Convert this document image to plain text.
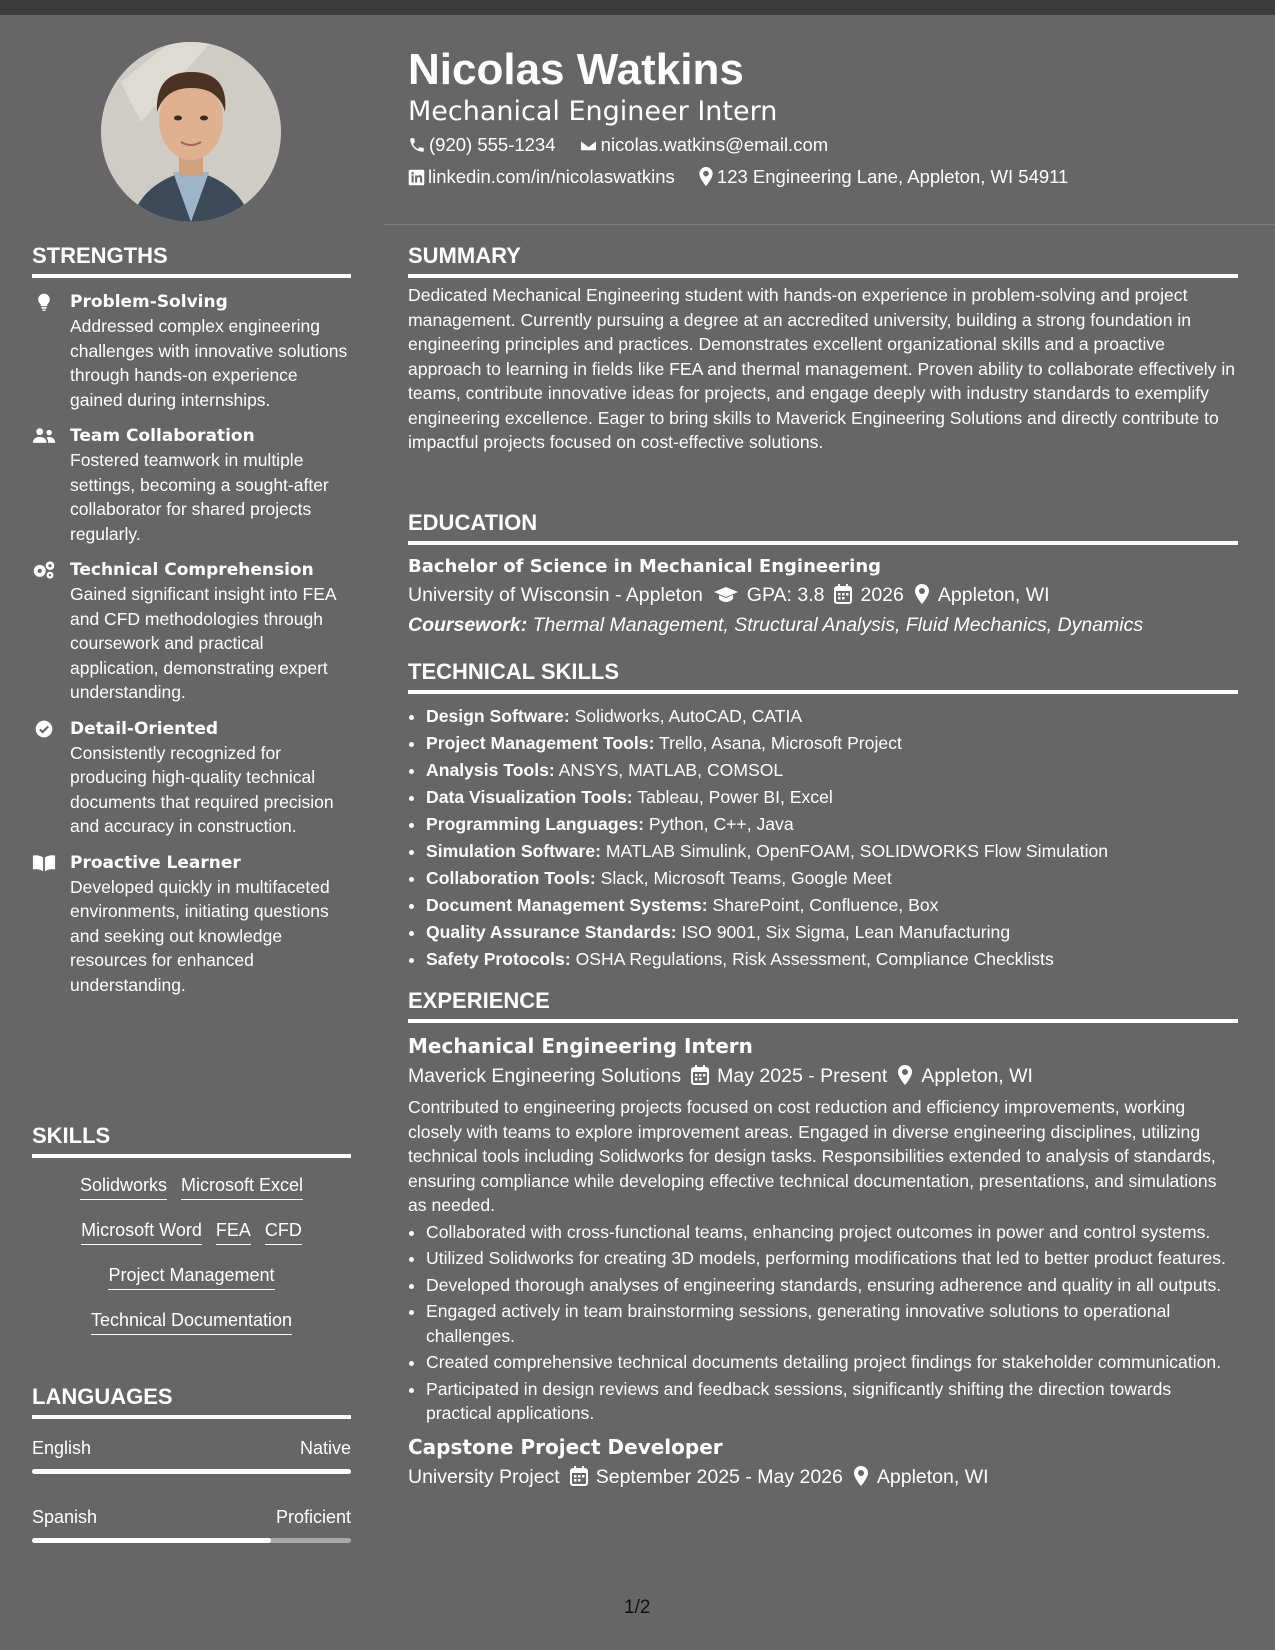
Nicolas Watkins
Mechanical Engineer Intern
(920) 555-1234 nicolas.watkins@email.com
linkedin.com/in/nicolaswatkins 123 Engineering Lane, Appleton, WI 54911
STRENGTHS
Problem-Solving
Addressed complex engineering challenges with innovative solutions through hands-on experience gained during internships.
Team Collaboration
Fostered teamwork in multiple settings, becoming a sought-after collaborator for shared projects regularly.
Technical Comprehension
Gained significant insight into FEA and CFD methodologies through coursework and practical application, demonstrating expert understanding.
Detail-Oriented
Consistently recognized for producing high-quality technical documents that required precision and accuracy in construction.
Proactive Learner
Developed quickly in multifaceted environments, initiating questions and seeking out knowledge resources for enhanced understanding.
SKILLS
Solidworks Microsoft Excel
Microsoft Word FEA CFD
Project Management
Technical Documentation
LANGUAGES
English	Native
Spanish	Proficient
SUMMARY
Dedicated Mechanical Engineering student with hands-on experience in problem-solving and project management. Currently pursuing a degree at an accredited university, building a strong foundation in engineering principles and practices. Demonstrates excellent organizational skills and a proactive approach to learning in fields like FEA and thermal management. Proven ability to collaborate effectively in teams, contribute innovative ideas for projects, and engage deeply with industry standards to exemplify engineering excellence. Eager to bring skills to Maverick Engineering Solutions and directly contribute to impactful projects focused on cost-effective solutions.
EDUCATION
Bachelor of Science in Mechanical Engineering
University of Wisconsin - Appleton GPA: 3.8 2026 Appleton, WI
Coursework: Thermal Management, Structural Analysis, Fluid Mechanics, Dynamics
TECHNICAL SKILLS
• Design Software: Solidworks, AutoCAD, CATIA
• Project Management Tools: Trello, Asana, Microsoft Project
• Analysis Tools: ANSYS, MATLAB, COMSOL
• Data Visualization Tools: Tableau, Power BI, Excel
• Programming Languages: Python, C++, Java
• Simulation Software: MATLAB Simulink, OpenFOAM, SOLIDWORKS Flow Simulation
• Collaboration Tools: Slack, Microsoft Teams, Google Meet
• Document Management Systems: SharePoint, Confluence, Box
• Quality Assurance Standards: ISO 9001, Six Sigma, Lean Manufacturing
• Safety Protocols: OSHA Regulations, Risk Assessment, Compliance Checklists
EXPERIENCE
Mechanical Engineering Intern
Maverick Engineering Solutions May 2025 - Present Appleton, WI
Contributed to engineering projects focused on cost reduction and efficiency improvements, working closely with teams to explore improvement areas. Engaged in diverse engineering disciplines, utilizing technical tools including Solidworks for design tasks. Responsibilities extended to analysis of standards, ensuring compliance while developing effective technical documentation, presentations, and simulations as needed.
• Collaborated with cross-functional teams, enhancing project outcomes in power and control systems.
• Utilized Solidworks for creating 3D models, performing modifications that led to better product features.
• Developed thorough analyses of engineering standards, ensuring adherence and quality in all outputs.
• Engaged actively in team brainstorming sessions, generating innovative solutions to operational challenges.
• Created comprehensive technical documents detailing project findings for stakeholder communication.
• Participated in design reviews and feedback sessions, significantly shifting the direction towards practical applications.
Capstone Project Developer
University Project September 2025 - May 2026 Appleton, WI
1/2
